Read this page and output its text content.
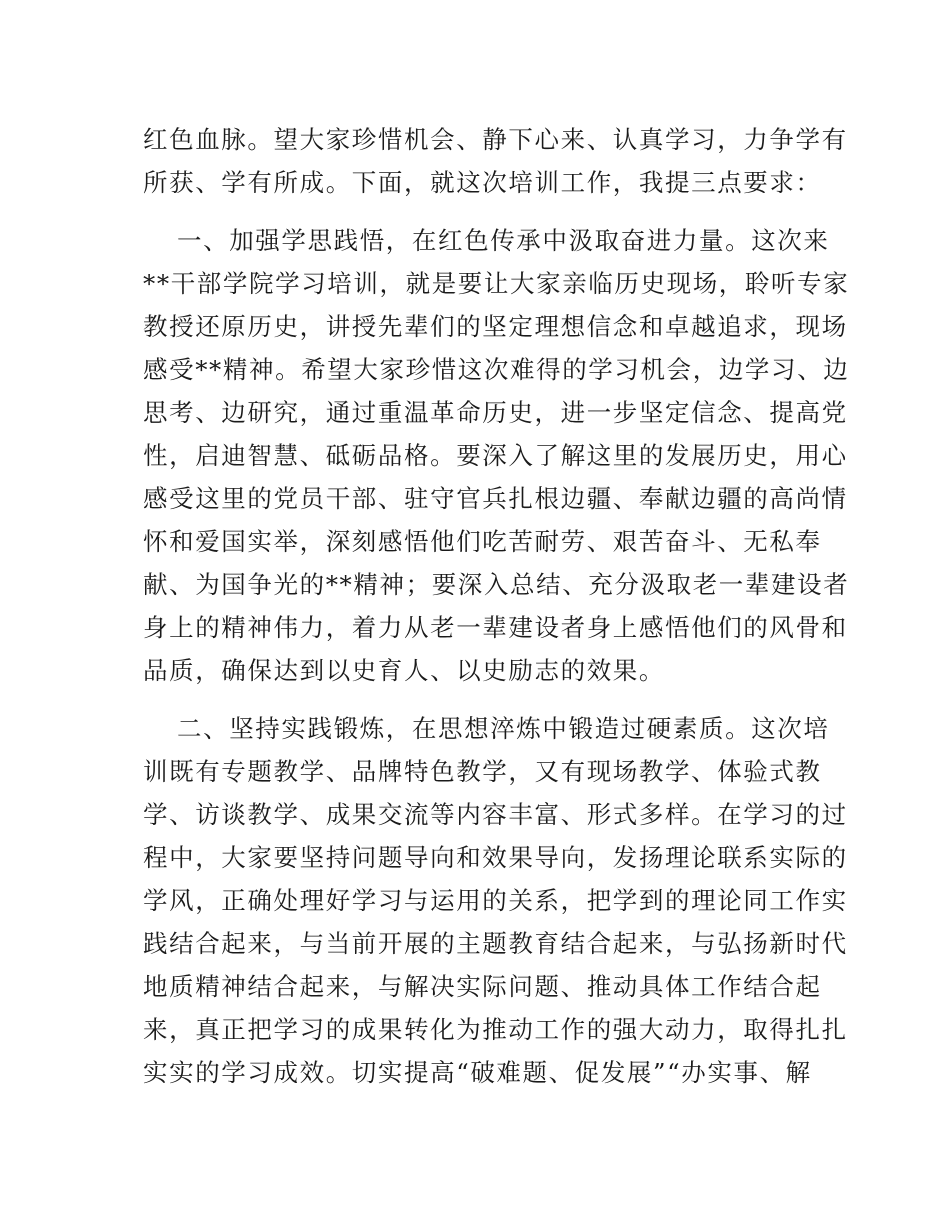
红色血脉。望大家珍惜机会、静下心来、认真学习，力争学有
所获、学有所成。下面，就这次培训工作，我提三点要求：
一、加强学思践悟，在红色传承中汲取奋进力量。这次来
**干部学院学习培训，就是要让大家亲临历史现场，聆听专家
教授还原历史，讲授先辈们的坚定理想信念和卓越追求，现场
感受**精神。希望大家珍惜这次难得的学习机会，边学习、边
思考、边研究，通过重温革命历史，进一步坚定信念、提高党
性，启迪智慧、砥砺品格。要深入了解这里的发展历史，用心
感受这里的党员干部、驻守官兵扎根边疆、奉献边疆的高尚情
怀和爱国实举，深刻感悟他们吃苦耐劳、艰苦奋斗、无私奉
献、为国争光的**精神；要深入总结、充分汲取老一辈建设者
身上的精神伟力，着力从老一辈建设者身上感悟他们的风骨和
品质，确保达到以史育人、以史励志的效果。
二、坚持实践锻炼，在思想淬炼中锻造过硬素质。这次培
训既有专题教学、品牌特色教学，又有现场教学、体验式教
学、访谈教学、成果交流等内容丰富、形式多样。在学习的过
程中，大家要坚持问题导向和效果导向，发扬理论联系实际的
学风，正确处理好学习与运用的关系，把学到的理论同工作实
践结合起来，与当前开展的主题教育结合起来，与弘扬新时代
地质精神结合起来，与解决实际问题、推动具体工作结合起
来，真正把学习的成果转化为推动工作的强大动力，取得扎扎
实实的学习成效。切实提高“破难题、促发展”“办实事、解
